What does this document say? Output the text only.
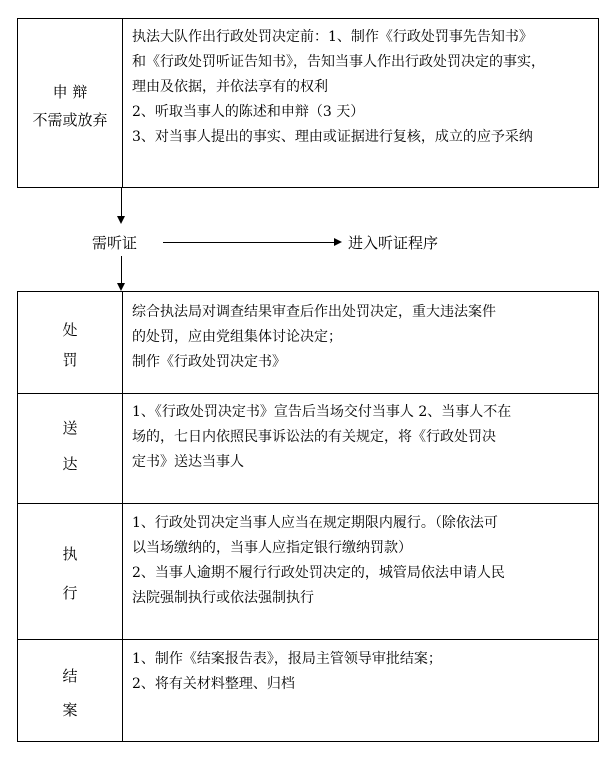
申 辩
不需或放弃
执法大队作出行政处罚决定前：1、制作《行政处罚事先告知书》
和《行政处罚听证告知书》，告知当事人作出行政处罚决定的事实，
理由及依据，并依法享有的权利
2、听取当事人的陈述和申辩（3 天）
3、对当事人提出的事实、理由或证据进行复核，成立的应予采纳
需听证	进入听证程序
处
罚
综合执法局对调查结果审查后作出处罚决定，重大违法案件
的处罚，应由党组集体讨论决定；
制作《行政处罚决定书》
送
达
1、《行政处罚决定书》宣告后当场交付当事人 2、当事人不在
场的，七日内依照民事诉讼法的有关规定，将《行政处罚决
定书》送达当事人
执
行
1、行政处罚决定当事人应当在规定期限内履行。（除依法可
以当场缴纳的，当事人应指定银行缴纳罚款）
2、当事人逾期不履行行政处罚决定的，城管局依法申请人民
法院强制执行或依法强制执行
结
案
1、制作《结案报告表》，报局主管领导审批结案；
2、将有关材料整理、归档
